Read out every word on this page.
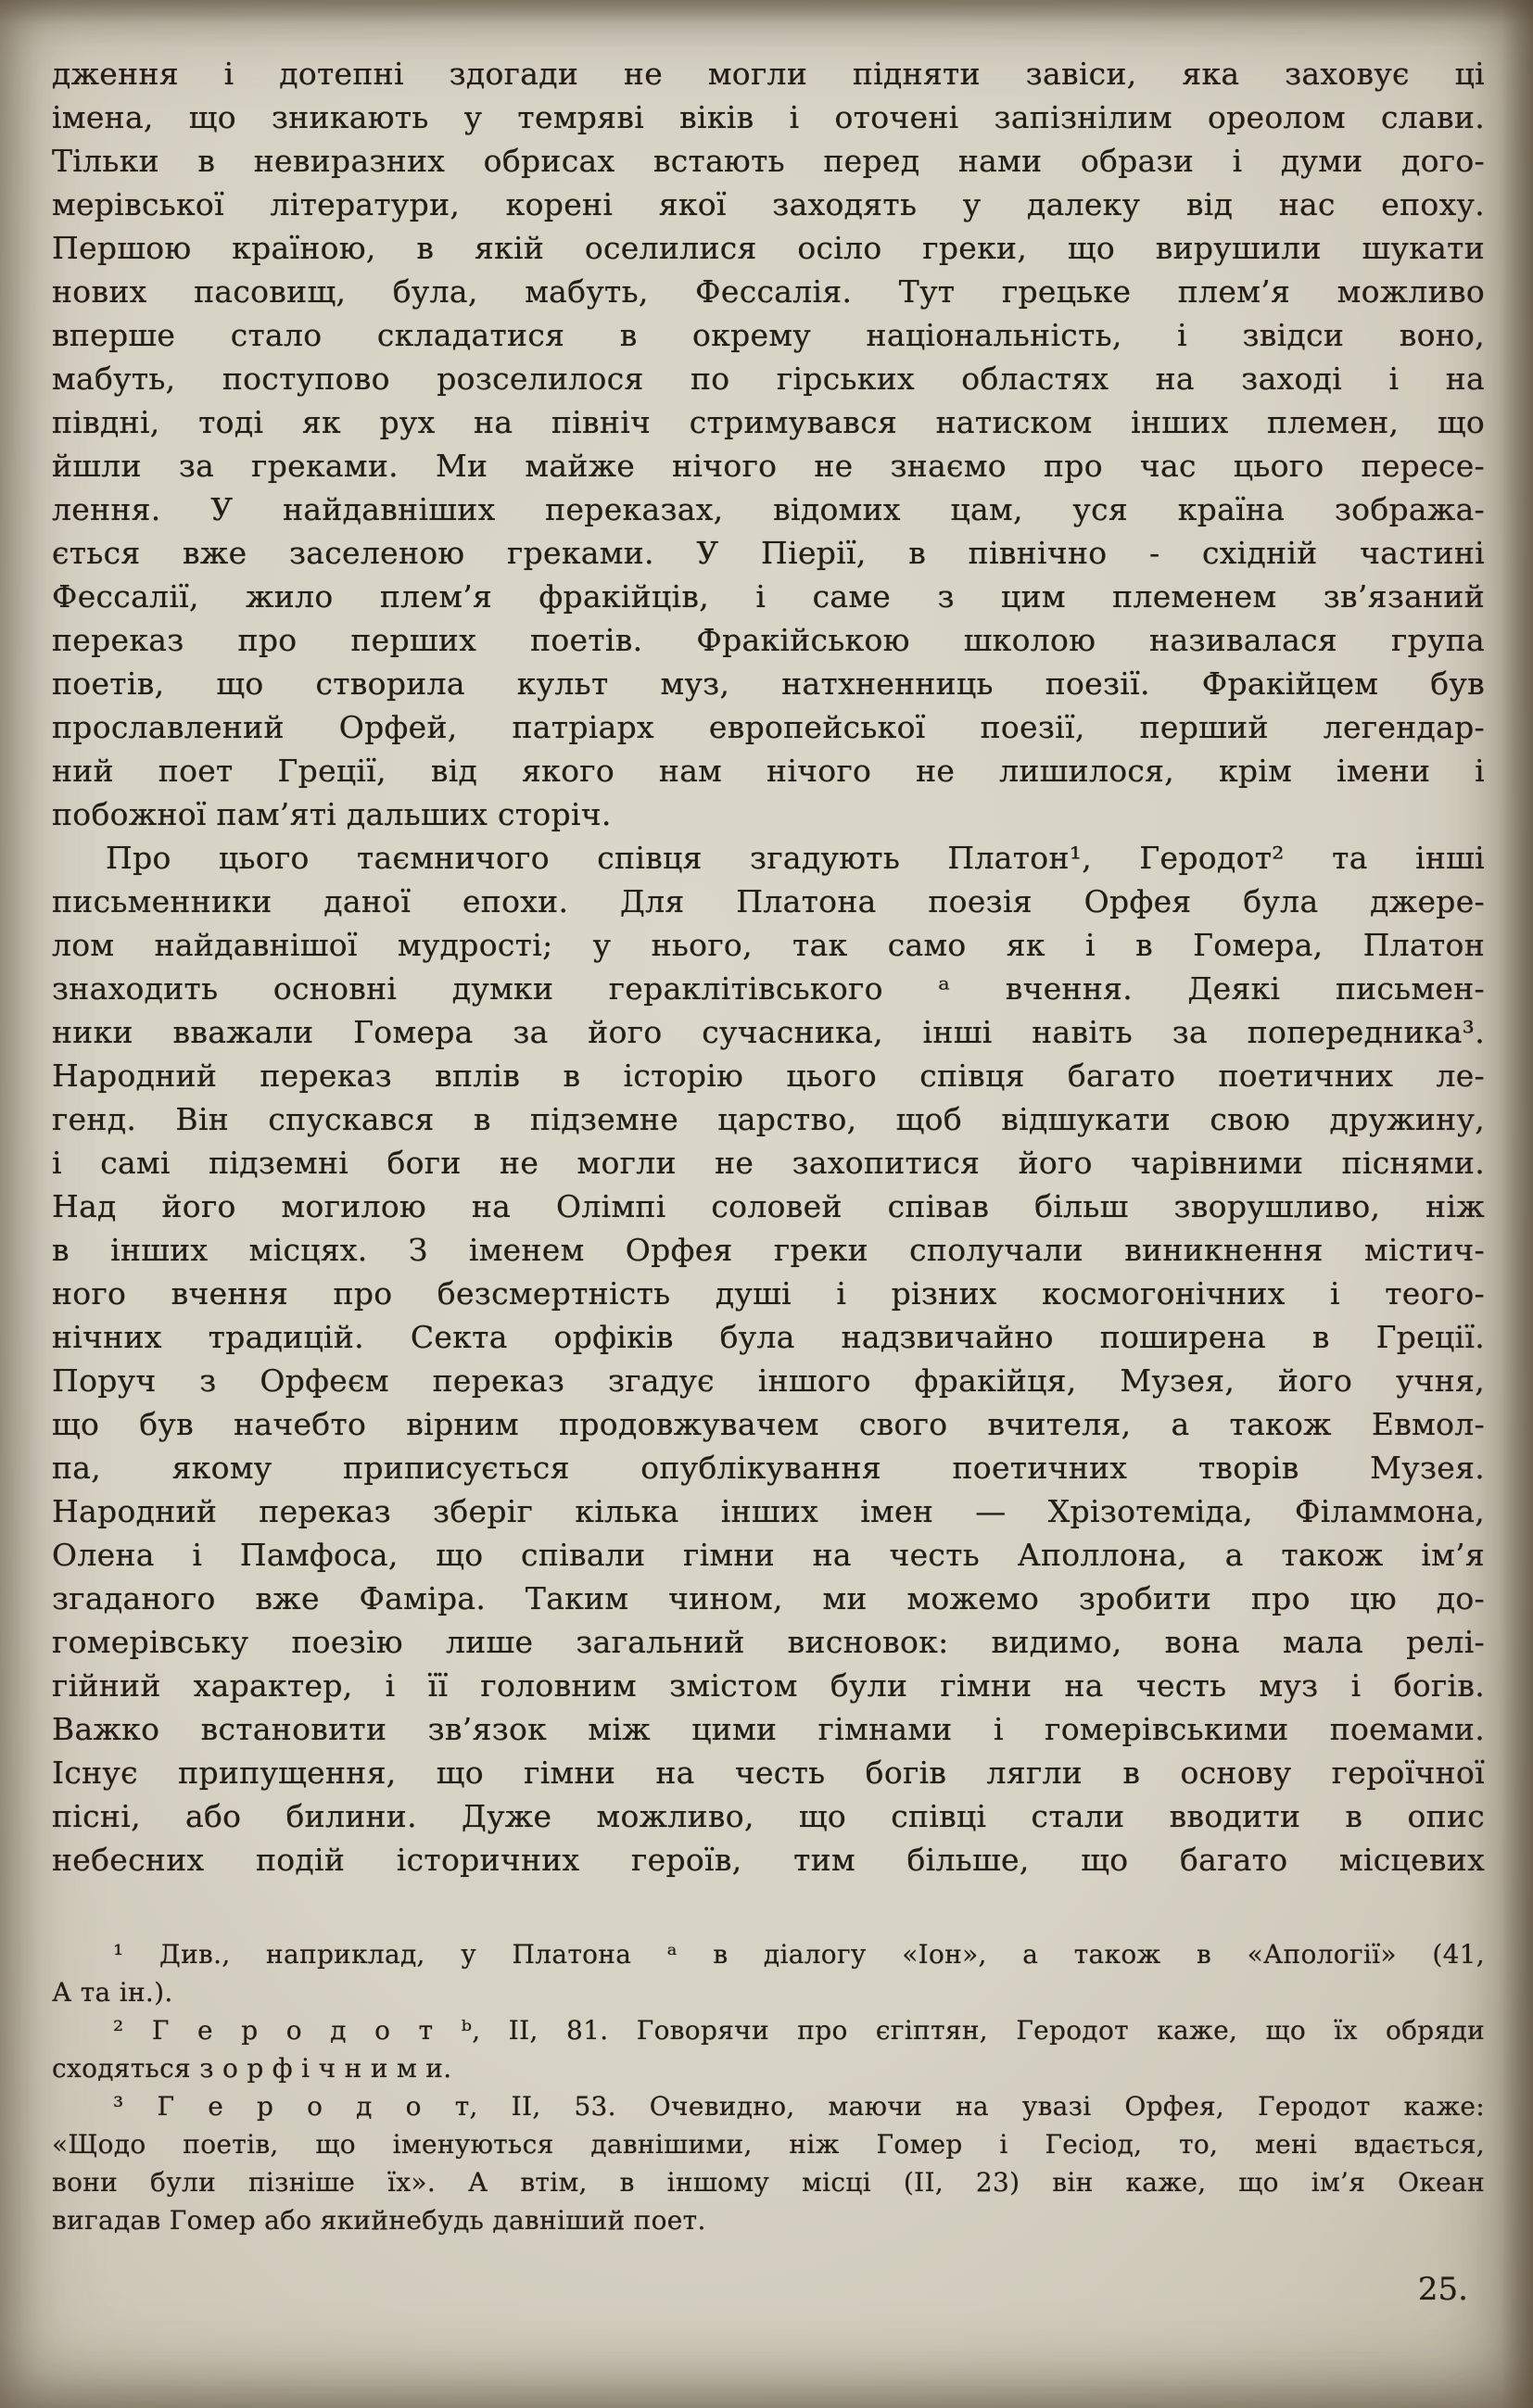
дження і дотепні здогади не могли підняти завіси, яка заховує ці
імена, що зникають у темряві віків і оточені запізнілим ореолом слави.
Тільки в невиразних обрисах встають перед нами образи і думи дого-
мерівської літератури, корені якої заходять у далеку від нас епоху.
Першою країною, в якій оселилися осіло греки, що вирушили шукати
нових пасовищ, була, мабуть, Фессалія. Тут грецьке плем’я можливо
вперше стало складатися в окрему національність, і звідси воно,
мабуть, поступово розселилося по гірських областях на заході і на
півдні, тоді як рух на північ стримувався натиском інших племен, що
йшли за греками. Ми майже нічого не знаємо про час цього пересе-
лення. У найдавніших переказах, відомих цам, уся країна зобража-
ється вже заселеною греками. У Піерії, в північно - східній частині
Фессалії, жило плем’я фракійців, і саме з цим племенем зв’язаний
переказ про перших поетів. Фракійською школою називалася група
поетів, що створила культ муз, натхненниць поезії. Фракійцем був
прославлений Орфей, патріарх европейської поезії, перший легендар-
ний поет Греції, від якого нам нічого не лишилося, крім імени і
побожної пам’яті дальших сторіч.
Про цього таємничого співця згадують Платон¹, Геродот² та інші
письменники даної епохи. Для Платона поезія Орфея була джере-
лом найдавнішої мудрості; у нього, так само як і в Гомера, Платон
знаходить основні думки гераклітівського ᵃ вчення. Деякі письмен-
ники вважали Гомера за його сучасника, інші навіть за попередника³.
Народний переказ вплів в історію цього співця багато поетичних ле-
генд. Він спускався в підземне царство, щоб відшукати свою дружину,
і самі підземні боги не могли не захопитися його чарівними піснями.
Над його могилою на Олімпі соловей співав більш зворушливо, ніж
в інших місцях. З іменем Орфея греки сполучали виникнення містич-
ного вчення про безсмертність душі і різних космогонічних і теого-
нічних традицій. Секта орфіків була надзвичайно поширена в Греції.
Поруч з Орфеєм переказ згадує іншого фракійця, Музея, його учня,
що був начебто вірним продовжувачем свого вчителя, а також Евмол-
па, якому приписується опублікування поетичних творів Музея.
Народний переказ зберіг кілька інших імен — Хрізотеміда, Філаммона,
Олена і Памфоса, що співали гімни на честь Аполлона, а також ім’я
згаданого вже Фаміра. Таким чином, ми можемо зробити про цю до-
гомерівську поезію лише загальний висновок: видимо, вона мала релі-
гійний характер, і її головним змістом були гімни на честь муз і богів.
Важко встановити зв’язок між цими гімнами і гомерівськими поемами.
Існує припущення, що гімни на честь богів лягли в основу героїчної
пісні, або билини. Дуже можливо, що співці стали вводити в опис
небесних подій історичних героїв, тим більше, що багато місцевих
¹ Див., наприклад, у Платона ᵃ в діалогу «Іон», а також в «Апології» (41,
А та ін.).
² Г е р о д о т ᵇ, II, 81. Говорячи про єгіптян, Геродот каже, що їх обряди
сходяться з о р ф і ч н и м и.
³ Г е р о д о т, II, 53. Очевидно, маючи на увазі Орфея, Геродот каже:
«Щодо поетів, що іменуються давнішими, ніж Гомер і Гесіод, то, мені вдається,
вони були пізніше їх». А втім, в іншому місці (II, 23) він каже, що ім’я Океан
вигадав Гомер або якийнебудь давніший поет.
25.
